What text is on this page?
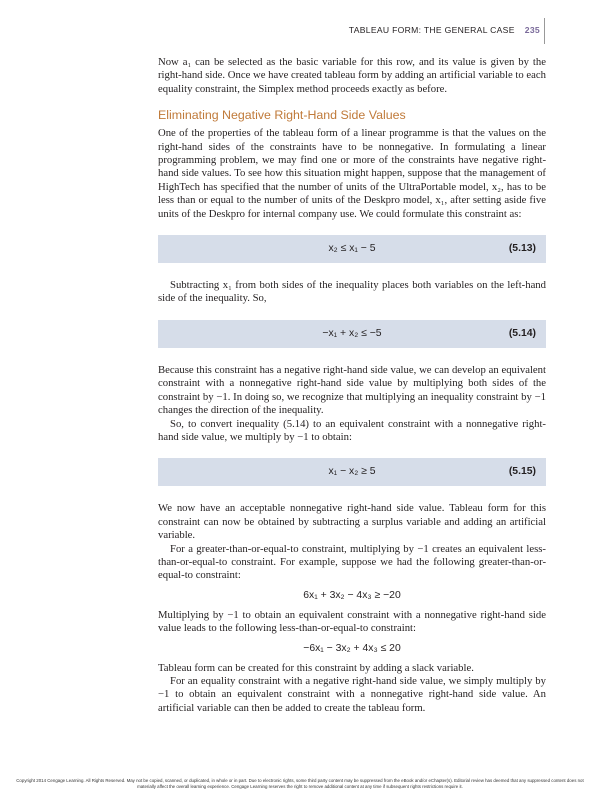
TABLEAU FORM: THE GENERAL CASE 235

Now a₁ can be selected as the basic variable for this row, and its value is given by the right-hand side. Once we have created tableau form by adding an artificial variable to each equality constraint, the Simplex method proceeds exactly as before.

Eliminating Negative Right-Hand Side Values

One of the properties of the tableau form of a linear programme is that the values on the right-hand sides of the constraints have to be nonnegative. In formulating a linear programming problem, we may find one or more of the constraints have negative right-hand side values. To see how this situation might happen, suppose that the management of HighTech has specified that the number of units of the UltraPortable model, x₂, has to be less than or equal to the number of units of the Deskpro model, x₁, after setting aside five units of the Deskpro for internal company use. We could formulate this constraint as:

x₂ ≤ x₁ − 5	(5.13)

Subtracting x₁ from both sides of the inequality places both variables on the left-hand side of the inequality. So,

−x₁ + x₂ ≤ −5	(5.14)

Because this constraint has a negative right-hand side value, we can develop an equivalent constraint with a nonnegative right-hand side value by multiplying both sides of the constraint by −1. In doing so, we recognize that multiplying an inequality constraint by −1 changes the direction of the inequality.

So, to convert inequality (5.14) to an equivalent constraint with a nonnegative right-hand side value, we multiply by −1 to obtain:

x₁ − x₂ ≥ 5	(5.15)

We now have an acceptable nonnegative right-hand side value. Tableau form for this constraint can now be obtained by subtracting a surplus variable and adding an artificial variable.

For a greater-than-or-equal-to constraint, multiplying by −1 creates an equivalent less-than-or-equal-to constraint. For example, suppose we had the following greater-than-or-equal-to constraint:

6x₁ + 3x₂ − 4x₃ ≥ −20

Multiplying by −1 to obtain an equivalent constraint with a nonnegative right-hand side value leads to the following less-than-or-equal-to constraint:

−6x₁ − 3x₂ + 4x₃ ≤ 20

Tableau form can be created for this constraint by adding a slack variable.

For an equality constraint with a negative right-hand side value, we simply multiply by −1 to obtain an equivalent constraint with a nonnegative right-hand side value. An artificial variable can then be added to create the tableau form.

Copyright 2014 Cengage Learning. All Rights Reserved. May not be copied, scanned, or duplicated, in whole or in part. Due to electronic rights, some third party content may be suppressed from the eBook and/or eChapter(s). Editorial review has deemed that any suppressed content does not materially affect the overall learning experience. Cengage Learning reserves the right to remove additional content at any time if subsequent rights restrictions require it.
